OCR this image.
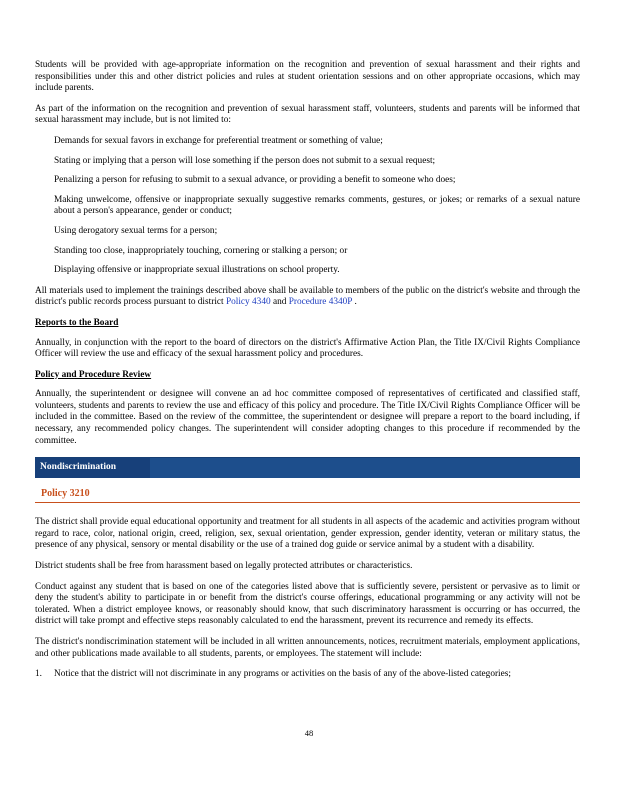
Students will be provided with age-appropriate information on the recognition and prevention of sexual harassment and their rights and responsibilities under this and other district policies and rules at student orientation sessions and on other appropriate occasions, which may include parents.

As part of the information on the recognition and prevention of sexual harassment staff, volunteers, students and parents will be informed that sexual harassment may include, but is not limited to:

Demands for sexual favors in exchange for preferential treatment or something of value;
Stating or implying that a person will lose something if the person does not submit to a sexual request;
Penalizing a person for refusing to submit to a sexual advance, or providing a benefit to someone who does;
Making unwelcome, offensive or inappropriate sexually suggestive remarks comments, gestures, or jokes; or remarks of a sexual nature about a person's appearance, gender or conduct;
Using derogatory sexual terms for a person;
Standing too close, inappropriately touching, cornering or stalking a person; or
Displaying offensive or inappropriate sexual illustrations on school property.

All materials used to implement the trainings described above shall be available to members of the public on the district's website and through the district's public records process pursuant to district Policy 4340 and Procedure 4340P .

Reports to the Board

Annually, in conjunction with the report to the board of directors on the district's Affirmative Action Plan, the Title IX/Civil Rights Compliance Officer will review the use and efficacy of the sexual harassment policy and procedures.

Policy and Procedure Review

Annually, the superintendent or designee will convene an ad hoc committee composed of representatives of certificated and classified staff, volunteers, students and parents to review the use and efficacy of this policy and procedure. The Title IX/Civil Rights Compliance Officer will be included in the committee. Based on the review of the committee, the superintendent or designee will prepare a report to the board including, if necessary, any recommended policy changes. The superintendent will consider adopting changes to this procedure if recommended by the committee.

Nondiscrimination
Policy 3210

The district shall provide equal educational opportunity and treatment for all students in all aspects of the academic and activities program without regard to race, color, national origin, creed, religion, sex, sexual orientation, gender expression, gender identity, veteran or military status, the presence of any physical, sensory or mental disability or the use of a trained dog guide or service animal by a student with a disability.

District students shall be free from harassment based on legally protected attributes or characteristics.

Conduct against any student that is based on one of the categories listed above that is sufficiently severe, persistent or pervasive as to limit or deny the student's ability to participate in or benefit from the district's course offerings, educational programming or any activity will not be tolerated. When a district employee knows, or reasonably should know, that such discriminatory harassment is occurring or has occurred, the district will take prompt and effective steps reasonably calculated to end the harassment, prevent its recurrence and remedy its effects.

The district's nondiscrimination statement will be included in all written announcements, notices, recruitment materials, employment applications, and other publications made available to all students, parents, or employees. The statement will include:

1. Notice that the district will not discriminate in any programs or activities on the basis of any of the above-listed categories;
48
